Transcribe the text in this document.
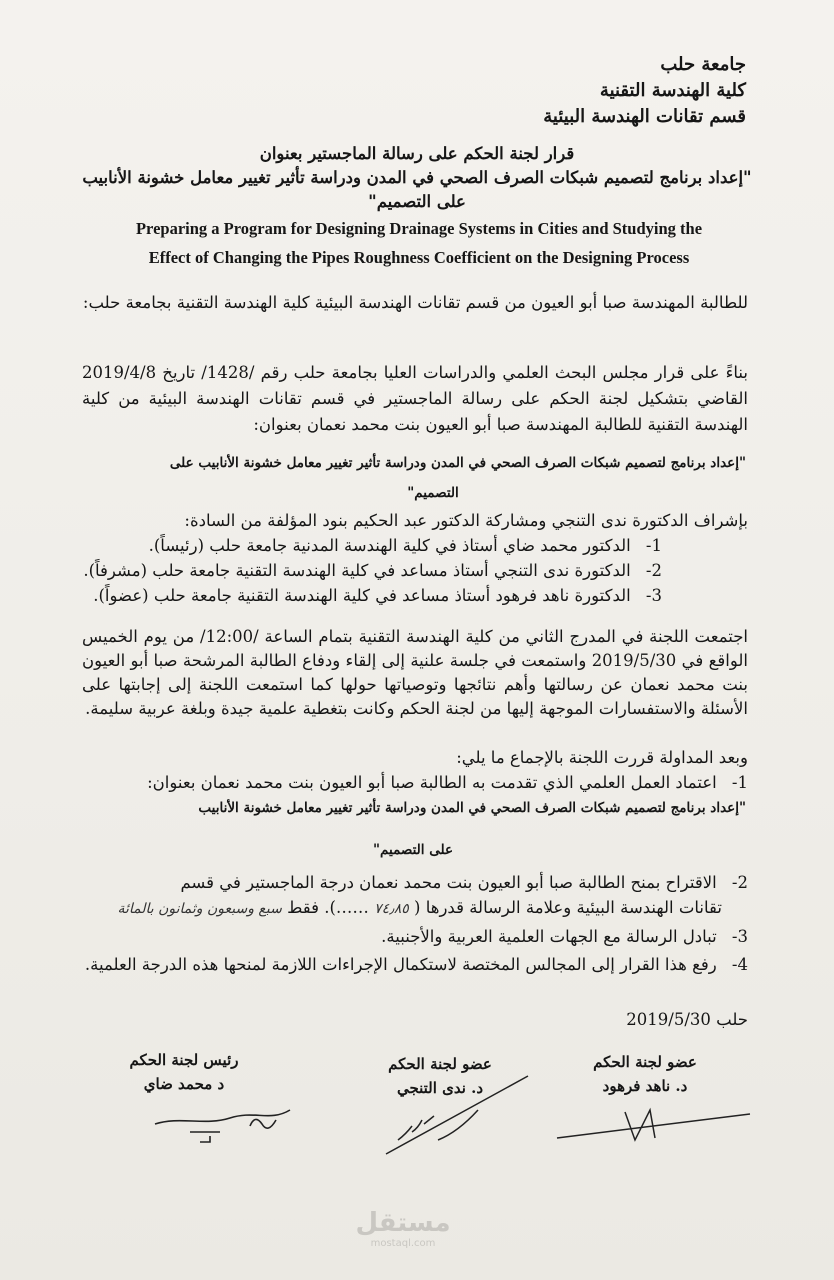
جامعة حلب
كلية الهندسة التقنية
قسم تقانات الهندسة البيئية
قرار لجنة الحكم على رسالة الماجستير بعنوان
"إعداد برنامج لتصميم شبكات الصرف الصحي في المدن ودراسة تأثير تغيير معامل خشونة الأنابيب
على التصميم"
Preparing a Program for Designing Drainage Systems in Cities and Studying the
Effect of Changing the Pipes Roughness Coefficient on the Designing Process
للطالبة المهندسة صبا أبو العيون من قسم تقانات الهندسة البيئية كلية الهندسة التقنية بجامعة حلب:
بناءً على قرار مجلس البحث العلمي والدراسات العليا بجامعة حلب رقم /1428/ تاريخ 2019/4/8 القاضي بتشكيل لجنة الحكم على رسالة الماجستير في قسم تقانات الهندسة البيئية من كلية الهندسة التقنية للطالبة المهندسة صبا أبو العيون بنت محمد نعمان بعنوان:
"إعداد برنامج لتصميم شبكات الصرف الصحي في المدن ودراسة تأثير تغيير معامل خشونة الأنابيب على
التصميم"
بإشراف الدكتورة ندى التنجي ومشاركة الدكتور عبد الحكيم بنود المؤلفة من السادة:
1- الدكتور محمد ضاي أستاذ في كلية الهندسة المدنية جامعة حلب (رئيساً).
2- الدكتورة ندى التنجي أستاذ مساعد في كلية الهندسة التقنية جامعة حلب (مشرفاً).
3- الدكتورة ناهد فرهود أستاذ مساعد في كلية الهندسة التقنية جامعة حلب (عضواً).
اجتمعت اللجنة في المدرج الثاني من كلية الهندسة التقنية بتمام الساعة /12:00/ من يوم الخميس الواقع في 2019/5/30 واستمعت في جلسة علنية إلى إلقاء ودفاع الطالبة المرشحة صبا أبو العيون بنت محمد نعمان عن رسالتها وأهم نتائجها وتوصياتها حولها كما استمعت اللجنة إلى إجابتها على الأسئلة والاستفسارات الموجهة إليها من لجنة الحكم وكانت بتغطية علمية جيدة وبلغة عربية سليمة.
وبعد المداولة قررت اللجنة بالإجماع ما يلي:
1- اعتماد العمل العلمي الذي تقدمت به الطالبة صبا أبو العيون بنت محمد نعمان بعنوان:
"إعداد برنامج لتصميم شبكات الصرف الصحي في المدن ودراسة تأثير تغيير معامل خشونة الأنابيب
على التصميم"
2- الاقتراح بمنح الطالبة صبا أبو العيون بنت محمد نعمان درجة الماجستير في قسم
تقانات الهندسة البيئية وعلامة الرسالة قدرها ( ٧٤٫٨٥ ……). فقط سبع وسبعون وثمانون بالمائة
3- تبادل الرسالة مع الجهات العلمية العربية والأجنبية.
4- رفع هذا القرار إلى المجالس المختصة لاستكمال الإجراءات اللازمة لمنحها هذه الدرجة العلمية.
حلب 2019/5/30
رئيس لجنة الحكم
د محمد ضاي
عضو لجنة الحكم
د. ندى التنجي
عضو لجنة الحكم
د. ناهد فرهود
مستقل
mostaql.com
